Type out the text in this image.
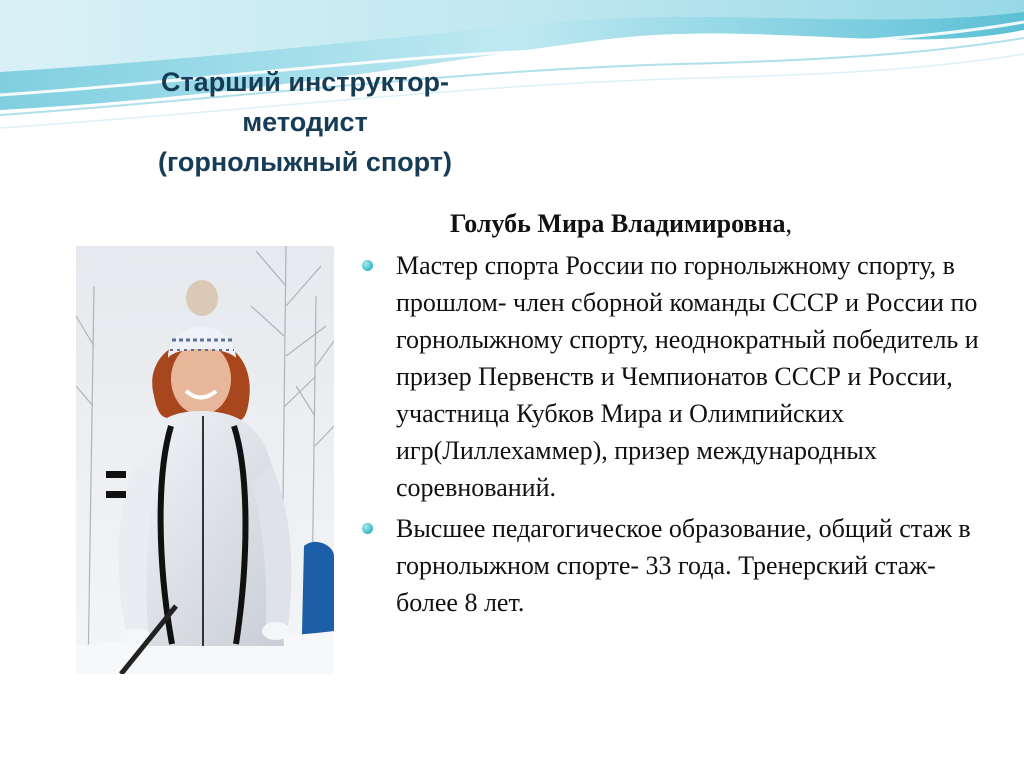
Старший инструктор-
методист
(горнолыжный спорт)

Голубь Мира Владимировна,

Мастер спорта России по горнолыжному спорту, в прошлом- член сборной команды СССР и России по горнолыжному спорту, неоднократный победитель и призер Первенств и Чемпионатов СССР и России, участница Кубков Мира и Олимпийских игр(Лиллехаммер), призер международных соревнований.
Высшее педагогическое образование, общий стаж в горнолыжном спорте- 33 года. Тренерский стаж- более 8 лет.
